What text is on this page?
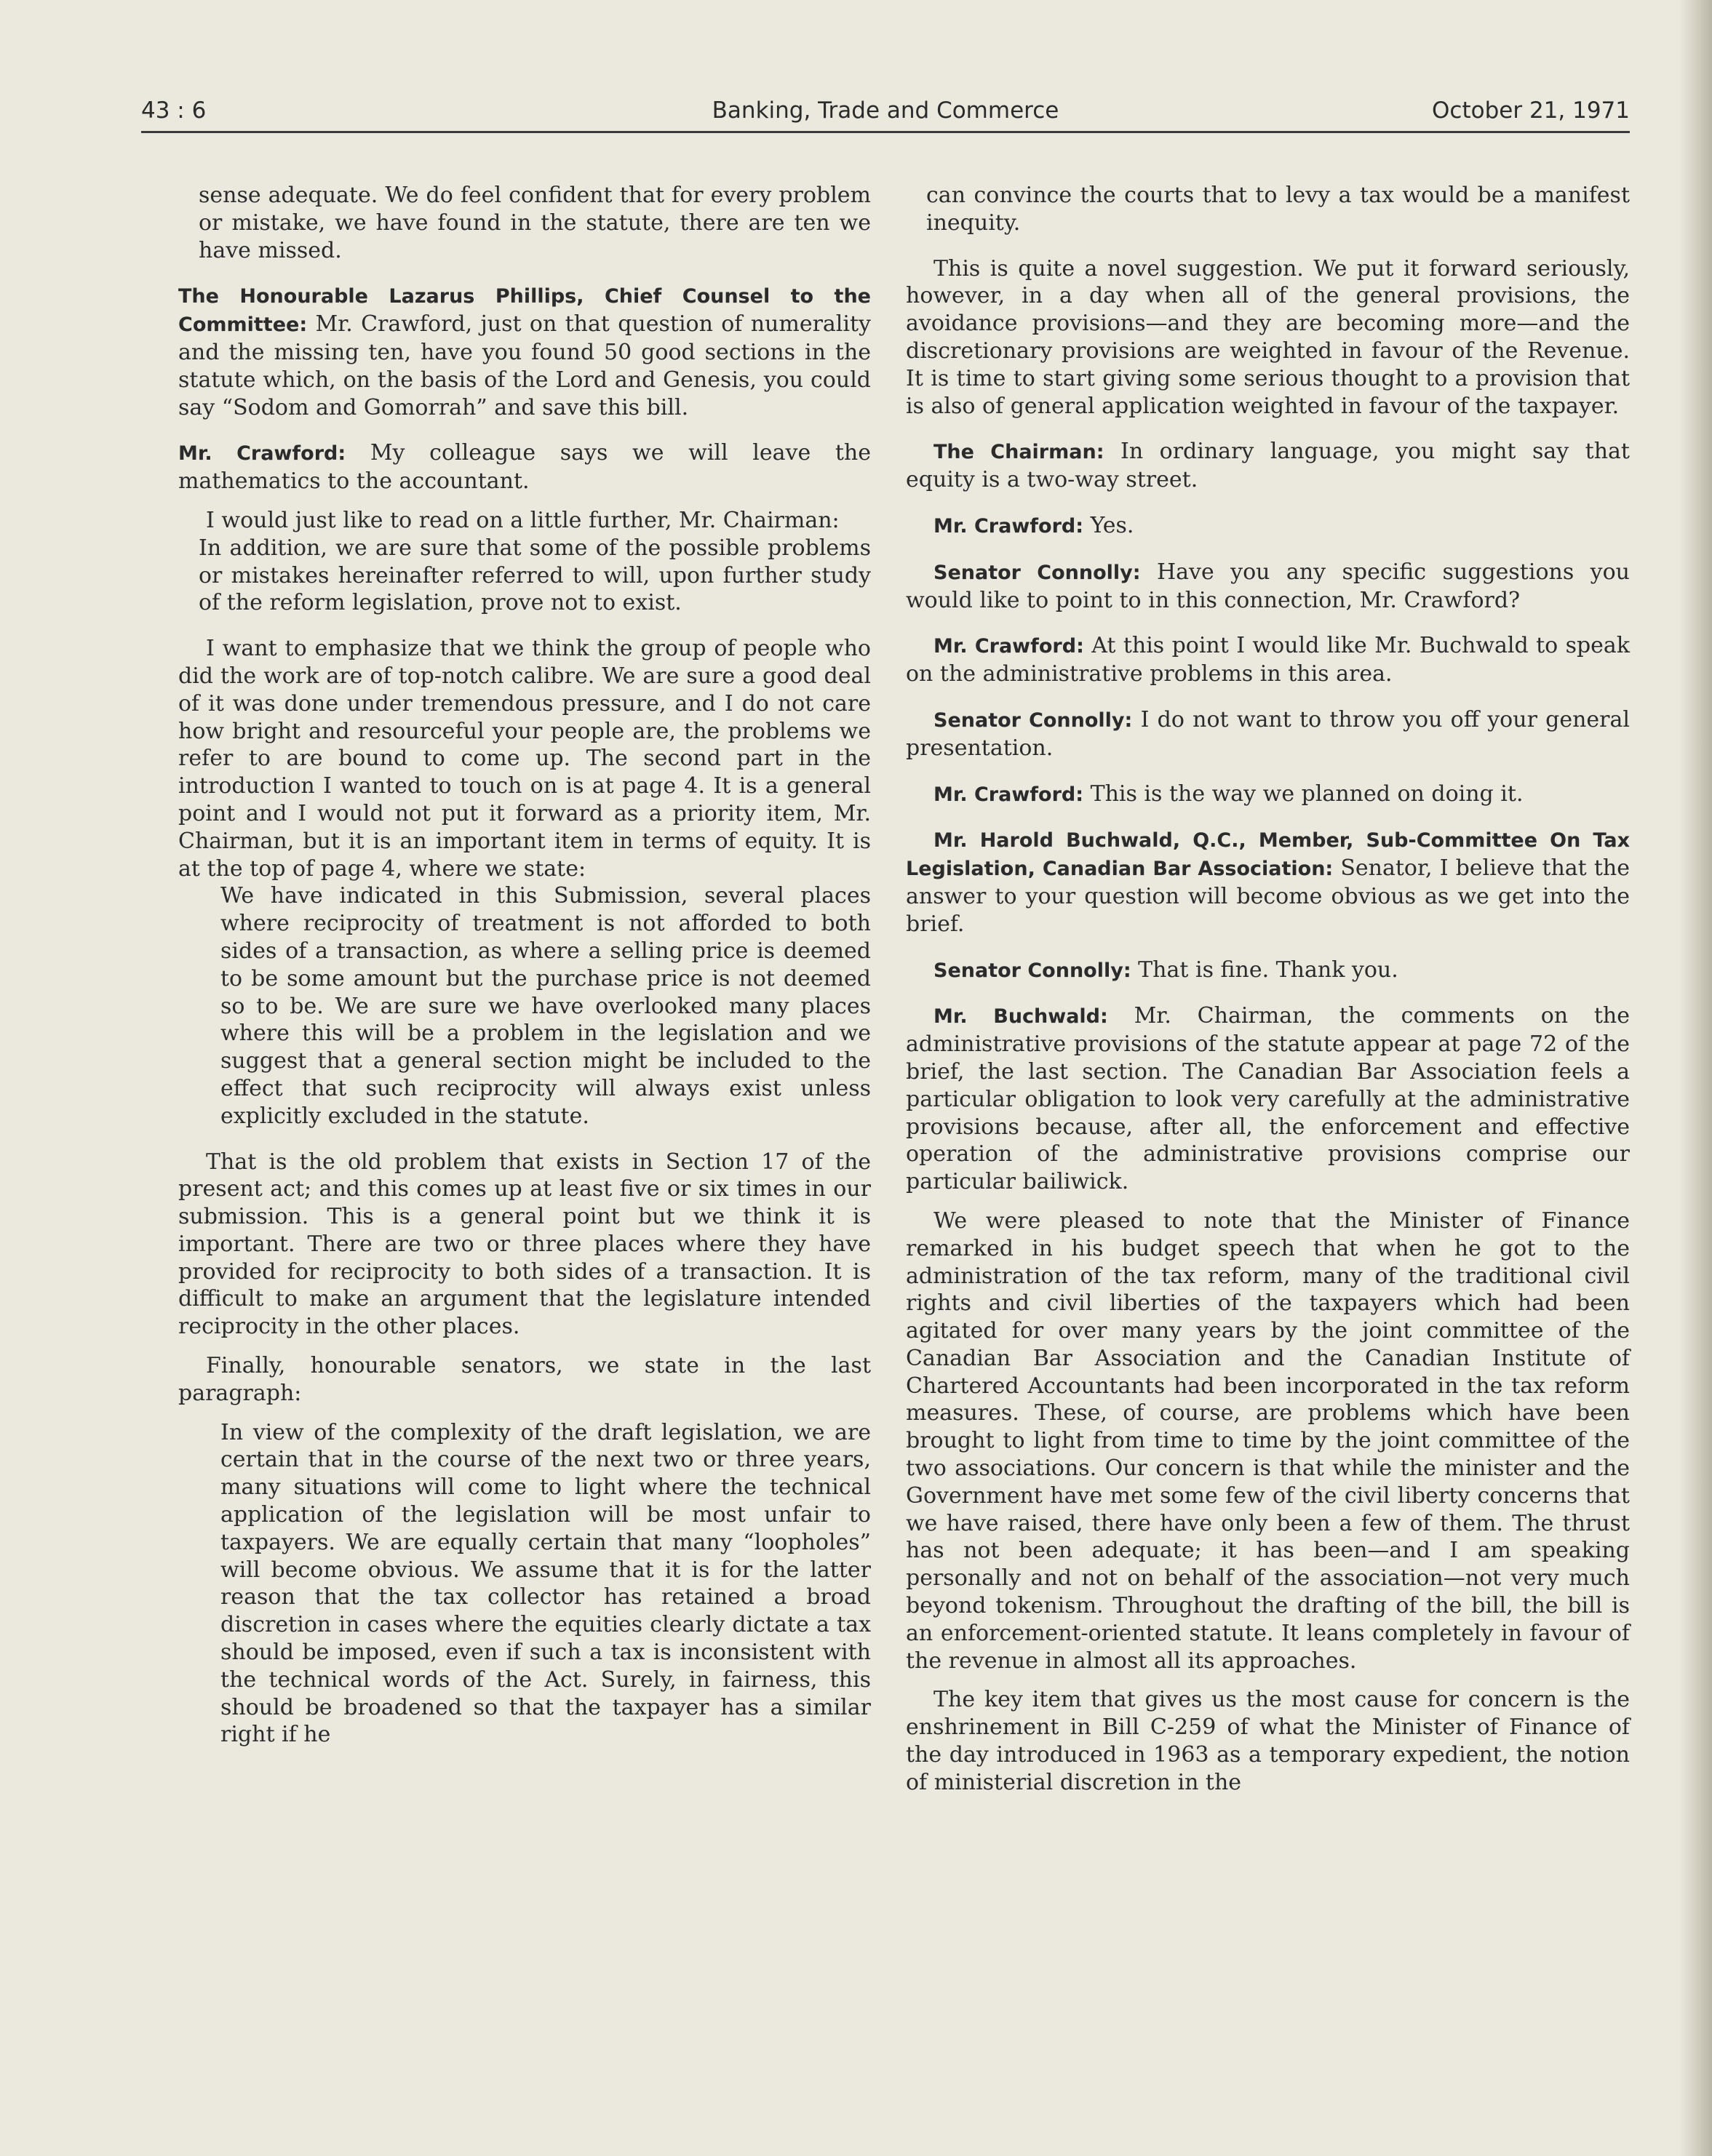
43 : 6	Banking, Trade and Commerce	October 21, 1971

sense adequate. We do feel confident that for every problem or mistake, we have found in the statute, there are ten we have missed.

The Honourable Lazarus Phillips, Chief Counsel to the Committee: Mr. Crawford, just on that question of numerality and the missing ten, have you found 50 good sections in the statute which, on the basis of the Lord and Genesis, you could say “Sodom and Gomorrah” and save this bill.

Mr. Crawford: My colleague says we will leave the mathematics to the accountant.

I would just like to read on a little further, Mr. Chairman:

In addition, we are sure that some of the possible problems or mistakes hereinafter referred to will, upon further study of the reform legislation, prove not to exist.

I want to emphasize that we think the group of people who did the work are of top-notch calibre. We are sure a good deal of it was done under tremendous pressure, and I do not care how bright and resourceful your people are, the problems we refer to are bound to come up. The second part in the introduction I wanted to touch on is at page 4. It is a general point and I would not put it forward as a priority item, Mr. Chairman, but it is an important item in terms of equity. It is at the top of page 4, where we state:

We have indicated in this Submission, several places where reciprocity of treatment is not afforded to both sides of a transaction, as where a selling price is deemed to be some amount but the purchase price is not deemed so to be. We are sure we have overlooked many places where this will be a problem in the legislation and we suggest that a general section might be included to the effect that such reciprocity will always exist unless explicitly excluded in the statute.

That is the old problem that exists in Section 17 of the present act; and this comes up at least five or six times in our submission. This is a general point but we think it is important. There are two or three places where they have provided for reciprocity to both sides of a transaction. It is difficult to make an argument that the legislature intended reciprocity in the other places.

Finally, honourable senators, we state in the last paragraph:

In view of the complexity of the draft legislation, we are certain that in the course of the next two or three years, many situations will come to light where the technical application of the legislation will be most unfair to taxpayers. We are equally certain that many “loopholes” will become obvious. We assume that it is for the latter reason that the tax collector has retained a broad discretion in cases where the equities clearly dictate a tax should be imposed, even if such a tax is inconsistent with the technical words of the Act. Surely, in fairness, this should be broadened so that the taxpayer has a similar right if he

can convince the courts that to levy a tax would be a manifest inequity.

This is quite a novel suggestion. We put it forward seriously, however, in a day when all of the general provisions, the avoidance provisions—and they are becoming more—and the discretionary provisions are weighted in favour of the Revenue. It is time to start giving some serious thought to a provision that is also of general application weighted in favour of the taxpayer.

The Chairman: In ordinary language, you might say that equity is a two-way street.

Mr. Crawford: Yes.

Senator Connolly: Have you any specific suggestions you would like to point to in this connection, Mr. Crawford?

Mr. Crawford: At this point I would like Mr. Buchwald to speak on the administrative problems in this area.

Senator Connolly: I do not want to throw you off your general presentation.

Mr. Crawford: This is the way we planned on doing it.

Mr. Harold Buchwald, Q.C., Member, Sub-Committee On Tax Legislation, Canadian Bar Association: Senator, I believe that the answer to your question will become obvious as we get into the brief.

Senator Connolly: That is fine. Thank you.

Mr. Buchwald: Mr. Chairman, the comments on the administrative provisions of the statute appear at page 72 of the brief, the last section. The Canadian Bar Association feels a particular obligation to look very carefully at the administrative provisions because, after all, the enforcement and effective operation of the administrative provisions comprise our particular bailiwick.

We were pleased to note that the Minister of Finance remarked in his budget speech that when he got to the administration of the tax reform, many of the traditional civil rights and civil liberties of the taxpayers which had been agitated for over many years by the joint committee of the Canadian Bar Association and the Canadian Institute of Chartered Accountants had been incorporated in the tax reform measures. These, of course, are problems which have been brought to light from time to time by the joint committee of the two associations. Our concern is that while the minister and the Government have met some few of the civil liberty concerns that we have raised, there have only been a few of them. The thrust has not been adequate; it has been—and I am speaking personally and not on behalf of the association—not very much beyond tokenism. Throughout the drafting of the bill, the bill is an enforcement-oriented statute. It leans completely in favour of the revenue in almost all its approaches.

The key item that gives us the most cause for concern is the enshrinement in Bill C-259 of what the Minister of Finance of the day introduced in 1963 as a temporary expedient, the notion of ministerial discretion in the
